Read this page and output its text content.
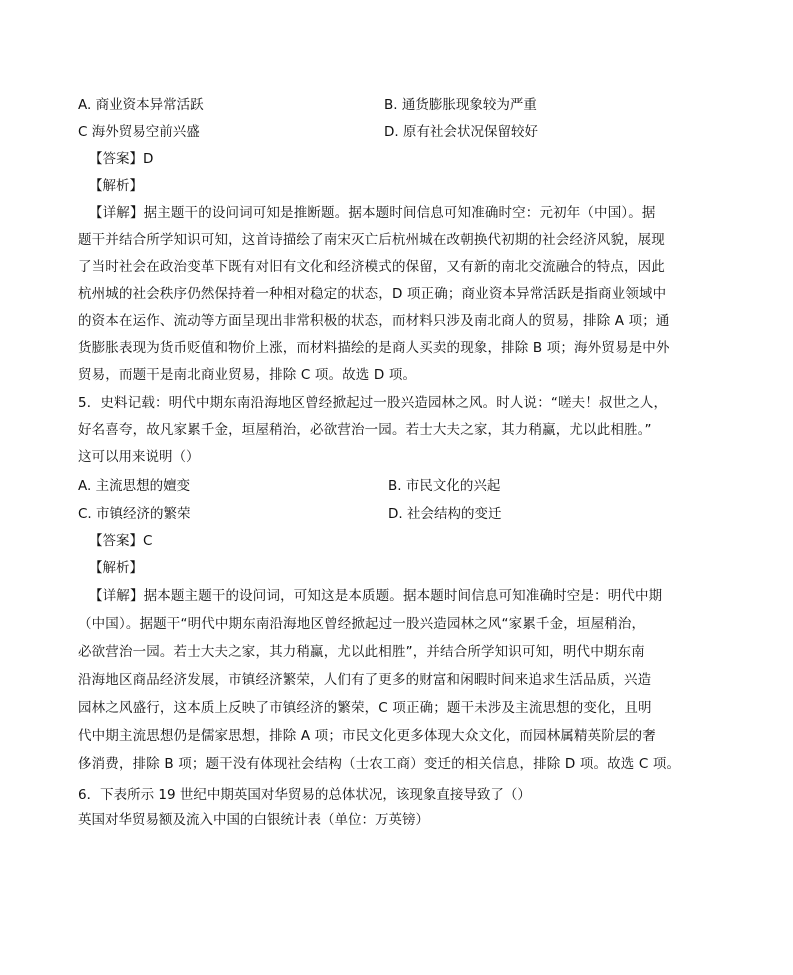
A. 商业资本异常活跃	B. 通货膨胀现象较为严重
C 海外贸易空前兴盛	D. 原有社会状况保留较好
【答案】D
【解析】
【详解】据主题干的设问词可知是推断题。据本题时间信息可知准确时空：元初年（中国）。据
题干并结合所学知识可知，这首诗描绘了南宋灭亡后杭州城在改朝换代初期的社会经济风貌，展现
了当时社会在政治变革下既有对旧有文化和经济模式的保留，又有新的南北交流融合的特点，因此
杭州城的社会秩序仍然保持着一种相对稳定的状态，D 项正确；商业资本异常活跃是指商业领域中
的资本在运作、流动等方面呈现出非常积极的状态，而材料只涉及南北商人的贸易，排除 A 项；通
货膨胀表现为货币贬值和物价上涨，而材料描绘的是商人买卖的现象，排除 B 项；海外贸易是中外
贸易，而题干是南北商业贸易，排除 C 项。故选 D 项。
5．史料记载：明代中期东南沿海地区曾经掀起过一股兴造园林之风。时人说：“嗟夫！叔世之人，
好名喜夸，故凡家累千金，垣屋稍治，必欲营治一园。若士大夫之家，其力稍赢，尤以此相胜。”
这可以用来说明（）
A. 主流思想的嬗变	B. 市民文化的兴起
C. 市镇经济的繁荣	D. 社会结构的变迁
【答案】C
【解析】
【详解】据本题主题干的设问词，可知这是本质题。据本题时间信息可知准确时空是：明代中期
（中国）。据题干“明代中期东南沿海地区曾经掀起过一股兴造园林之风“家累千金，垣屋稍治，
必欲营治一园。若士大夫之家，其力稍赢，尤以此相胜”，并结合所学知识可知，明代中期东南
沿海地区商品经济发展，市镇经济繁荣，人们有了更多的财富和闲暇时间来追求生活品质，兴造
园林之风盛行，这本质上反映了市镇经济的繁荣，C 项正确；题干未涉及主流思想的变化，且明
代中期主流思想仍是儒家思想，排除 A 项；市民文化更多体现大众文化，而园林属精英阶层的奢
侈消费，排除 B 项；题干没有体现社会结构（士农工商）变迁的相关信息，排除 D 项。故选 C 项。
6．下表所示 19 世纪中期英国对华贸易的总体状况，该现象直接导致了（）
英国对华贸易额及流入中国的白银统计表（单位：万英镑）
